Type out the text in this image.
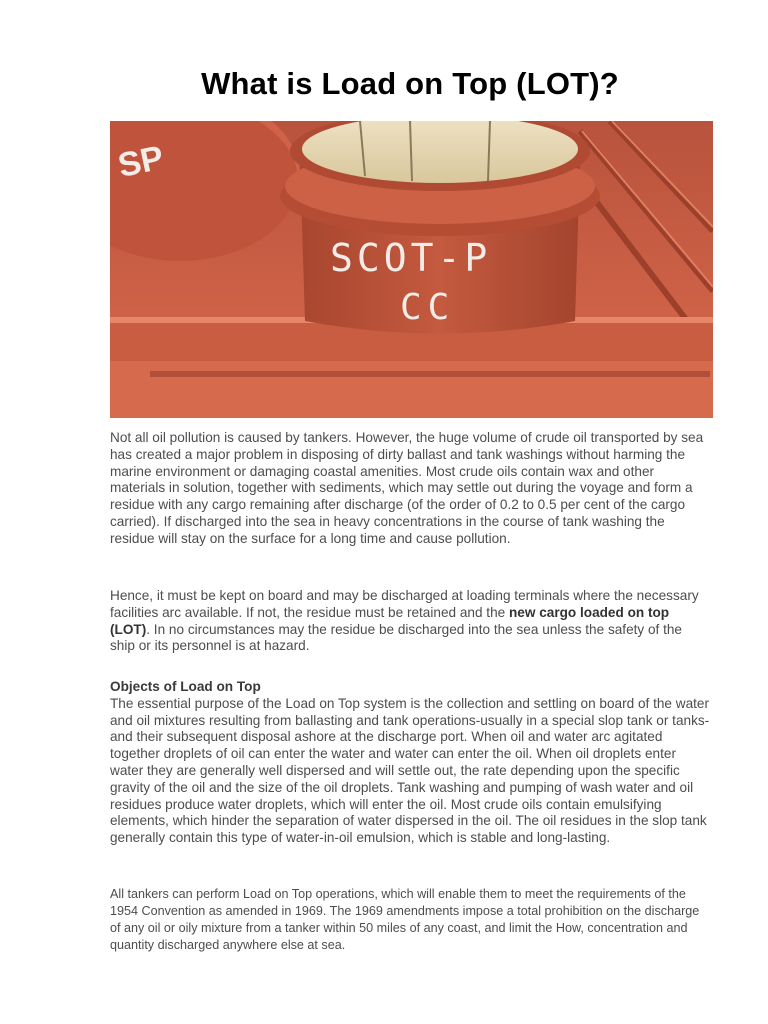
What is Load on Top (LOT)?
SP
SCOT-P
CC

Not all oil pollution is caused by tankers. However, the huge volume of crude oil transported by sea has created a major problem in disposing of dirty ballast and tank washings without harming the marine environment or damaging coastal amenities. Most crude oils contain wax and other materials in solution, together with sediments, which may settle out during the voyage and form a residue with any cargo remaining after discharge (of the order of 0.2 to 0.5 per cent of the cargo carried). If discharged into the sea in heavy concentrations in the course of tank washing the residue will stay on the surface for a long time and cause pollution.

Hence, it must be kept on board and may be discharged at loading terminals where the necessary facilities arc available. If not, the residue must be retained and the new cargo loaded on top (LOT). In no circumstances may the residue be discharged into the sea unless the safety of the ship or its personnel is at hazard.

Objects of Load on Top
The essential purpose of the Load on Top system is the collection and settling on board of the water and oil mixtures resulting from ballasting and tank operations-usually in a special slop tank or tanks-and their subsequent disposal ashore at the discharge port. When oil and water arc agitated together droplets of oil can enter the water and water can enter the oil. When oil droplets enter water they are generally well dispersed and will settle out, the rate depending upon the specific gravity of the oil and the size of the oil droplets. Tank washing and pumping of wash water and oil residues produce water droplets, which will enter the oil. Most crude oils contain emulsifying elements, which hinder the separation of water dispersed in the oil. The oil residues in the slop tank generally contain this type of water-in-oil emulsion, which is stable and long-lasting.

All tankers can perform Load on Top operations, which will enable them to meet the requirements of the 1954 Convention as amended in 1969. The 1969 amendments impose a total prohibition on the discharge of any oil or oily mixture from a tanker within 50 miles of any coast, and limit the How, concentration and quantity discharged anywhere else at sea.
